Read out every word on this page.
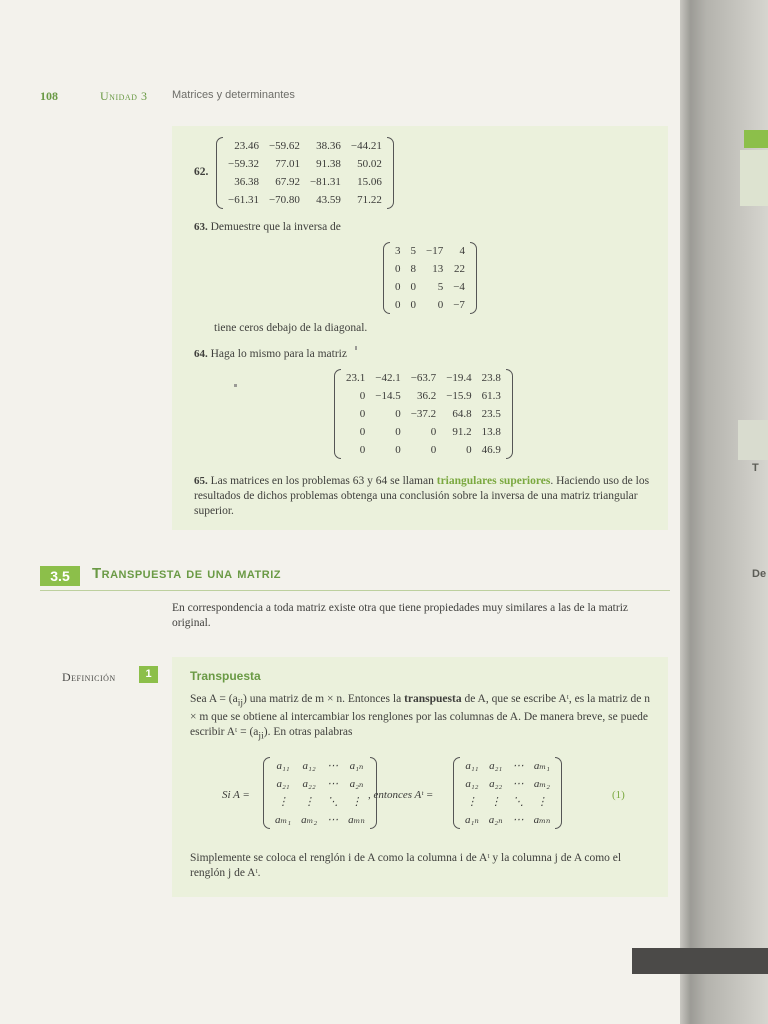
T
De
108	Unidad 3 Matrices y determinantes
62.
23.46	−59.62	38.36	−44.21
−59.32	77.01	91.38	50.02
36.38	67.92	−81.31	15.06
−61.31	−70.80	43.59	71.22
63. Demuestre que la inversa de
3	5	−17	4
0	8	13	22
0	0	5	−4
0	0	0	−7
tiene ceros debajo de la diagonal.
64. Haga lo mismo para la matriz
23.1	−42.1	−63.7	−19.4	23.8
0	−14.5	36.2	−15.9	61.3
0	0	−37.2	64.8	23.5
0	0	0	91.2	13.8
0	0	0	0	46.9
65. Las matrices en los problemas 63 y 64 se llaman triangulares superiores. Haciendo uso de los resultados de dichos problemas obtenga una conclusión sobre la inversa de una matriz triangular superior.
3.5	Transpuesta de una matriz
En correspondencia a toda matriz existe otra que tiene propiedades muy similares a las de la matriz original.
Definición	1	Transpuesta
Sea $A = (a_{ij})$ una matriz de m × n. Entonces la transpuesta de A, que se escribe Aᵗ, es la matriz de n × m que se obtiene al intercambiar los renglones por las columnas de A. De manera breve, se puede escribir Aᵗ = $(a_{ji})$. En otras palabras
Si A =
a₁₁	a₁₂	⋯	a₁ₙ
a₂₁	a₂₂	⋯	a₂ₙ
⋮	⋮	⋱	⋮
aₘ₁	aₘ₂	⋯	aₘₙ
, entonces Aᵗ =
a₁₁	a₂₁	⋯	aₘ₁
a₁₂	a₂₂	⋯	aₘ₂
⋮	⋮	⋱	⋮
a₁ₙ	a₂ₙ	⋯	aₘₙ
(1)
Simplemente se coloca el renglón i de A como la columna i de Aᵗ y la columna j de A como el renglón j de Aᵗ.
